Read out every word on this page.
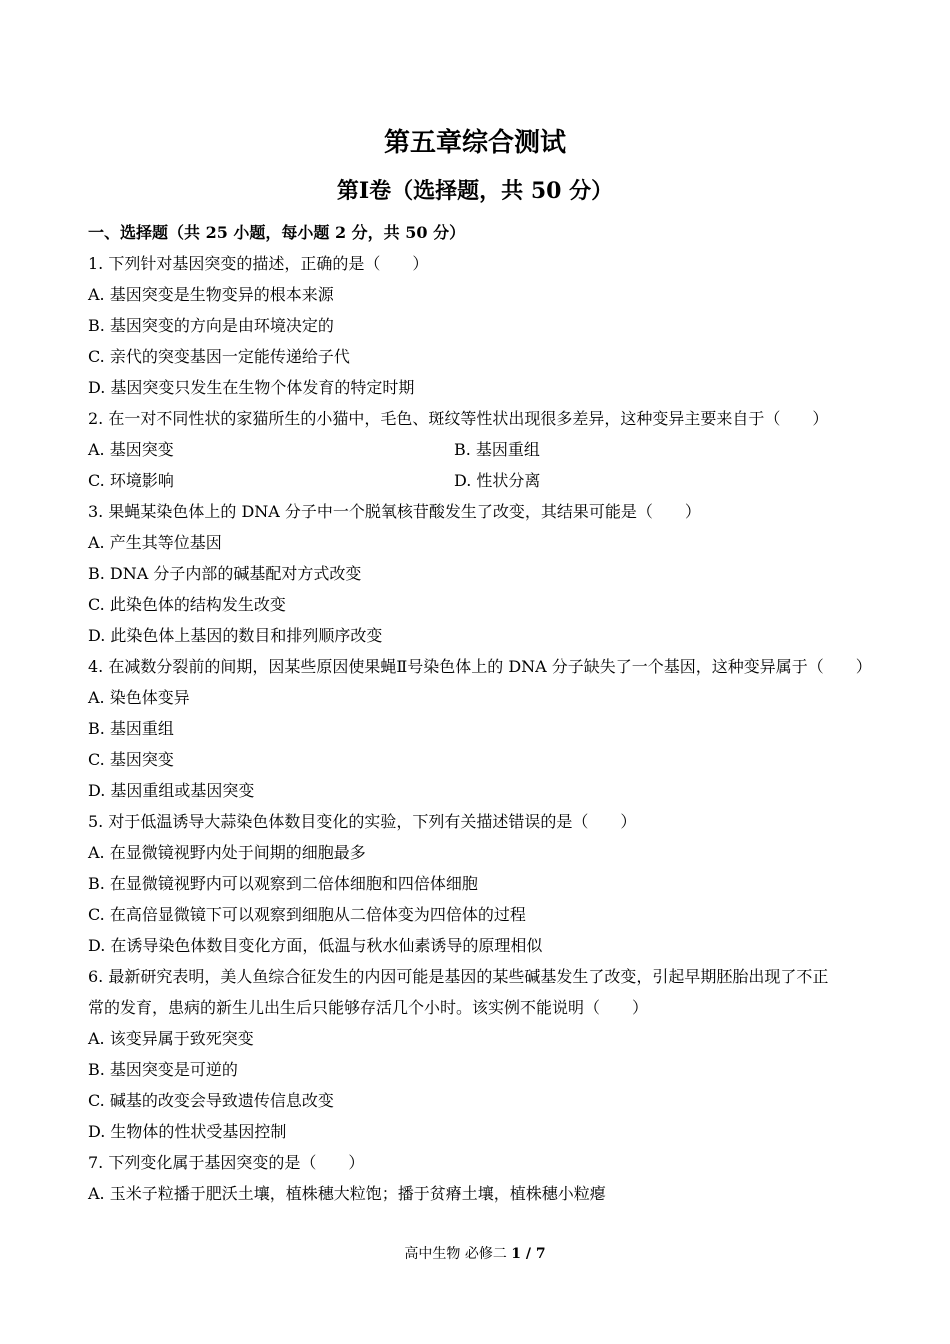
第五章综合测试
第Ⅰ卷（选择题，共 50 分）
一、选择题（共 25 小题，每小题 2 分，共 50 分）
1. 下列针对基因突变的描述，正确的是（　　）
A. 基因突变是生物变异的根本来源
B. 基因突变的方向是由环境决定的
C. 亲代的突变基因一定能传递给子代
D. 基因突变只发生在生物个体发育的特定时期
2. 在一对不同性状的家猫所生的小猫中，毛色、斑纹等性状出现很多差异，这种变异主要来自于（　　）
A. 基因突变	B. 基因重组
C. 环境影响	D. 性状分离
3. 果蝇某染色体上的 DNA 分子中一个脱氧核苷酸发生了改变，其结果可能是（　　）
A. 产生其等位基因
B. DNA 分子内部的碱基配对方式改变
C. 此染色体的结构发生改变
D. 此染色体上基因的数目和排列顺序改变
4. 在减数分裂前的间期，因某些原因使果蝇Ⅱ号染色体上的 DNA 分子缺失了一个基因，这种变异属于（　　）
A. 染色体变异
B. 基因重组
C. 基因突变
D. 基因重组或基因突变
5. 对于低温诱导大蒜染色体数目变化的实验，下列有关描述错误的是（　　）
A. 在显微镜视野内处于间期的细胞最多
B. 在显微镜视野内可以观察到二倍体细胞和四倍体细胞
C. 在高倍显微镜下可以观察到细胞从二倍体变为四倍体的过程
D. 在诱导染色体数目变化方面，低温与秋水仙素诱导的原理相似
6. 最新研究表明，美人鱼综合征发生的内因可能是基因的某些碱基发生了改变，引起早期胚胎出现了不正
常的发育，患病的新生儿出生后只能够存活几个小时。该实例不能说明（　　）
A. 该变异属于致死突变
B. 基因突变是可逆的
C. 碱基的改变会导致遗传信息改变
D. 生物体的性状受基因控制
7. 下列变化属于基因突变的是（　　）
A. 玉米子粒播于肥沃土壤，植株穗大粒饱；播于贫瘠土壤，植株穗小粒瘪
高中生物 必修二 1 / 7
